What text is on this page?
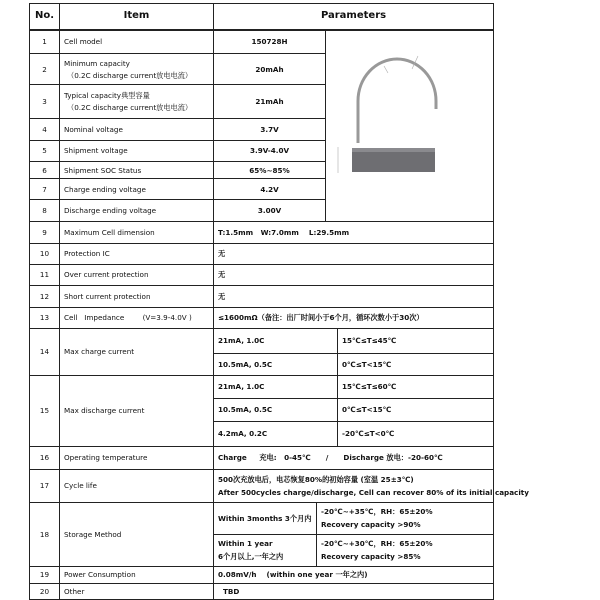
No.	Item	Parameters			
1	Cell model	150728H	

2	Minimum capacity
（0.2C discharge current放电电流）	20mAh			
3	Typical capacity典型容量
（0.2C discharge current放电电流）	21mAh			
4	Nominal voltage	3.7V			
5	Shipment voltage	3.9V-4.0V			
6	Shipment SOC Status	65%~85%			
7	Charge ending voltage	4.2V			
8	Discharge ending voltage	3.00V			
9	Maximum Cell dimension	T:1.5mm   W:7.0mm    L:29.5mm			
10	Protection IC	无			
11	Over current protection	无			
12	Short current protection	无			
13	Cell   Impedance        (V=3.9-4.0V )	≤1600mΩ（备注：出厂时间小于6个月，循环次数小于30次）			
14	Max charge current	21mA, 1.0C			15℃≤T≤45℃
		10.5mA, 0.5C			0℃≤T<15℃
15	Max discharge current	21mA, 1.0C			15℃≤T≤60℃
		10.5mA, 0.5C			0℃≤T<15℃
		4.2mA, 0.2C			-20℃≤T<0℃
16	Operating temperature	Charge     充电:   0-45℃      /      Discharge 放电：-20-60℃			
17	Cycle life	500次充放电后，电芯恢复80%的初始容量 (室温 25±3℃)
After 500cycles charge/discharge, Cell can recover 80% of its initial capacity			

18	Storage Method	Within 3months 3个月内	-20℃~+35℃，RH：65±20%
Recovery capacity >90%		

		Within 1 year
6个月以上,一年之内	-20℃~+30℃，RH：65±20%
Recovery capacity >85%		

19	Power Consumption	0.08mV/h    (within one year 一年之内)			
20	Other	TBD			
